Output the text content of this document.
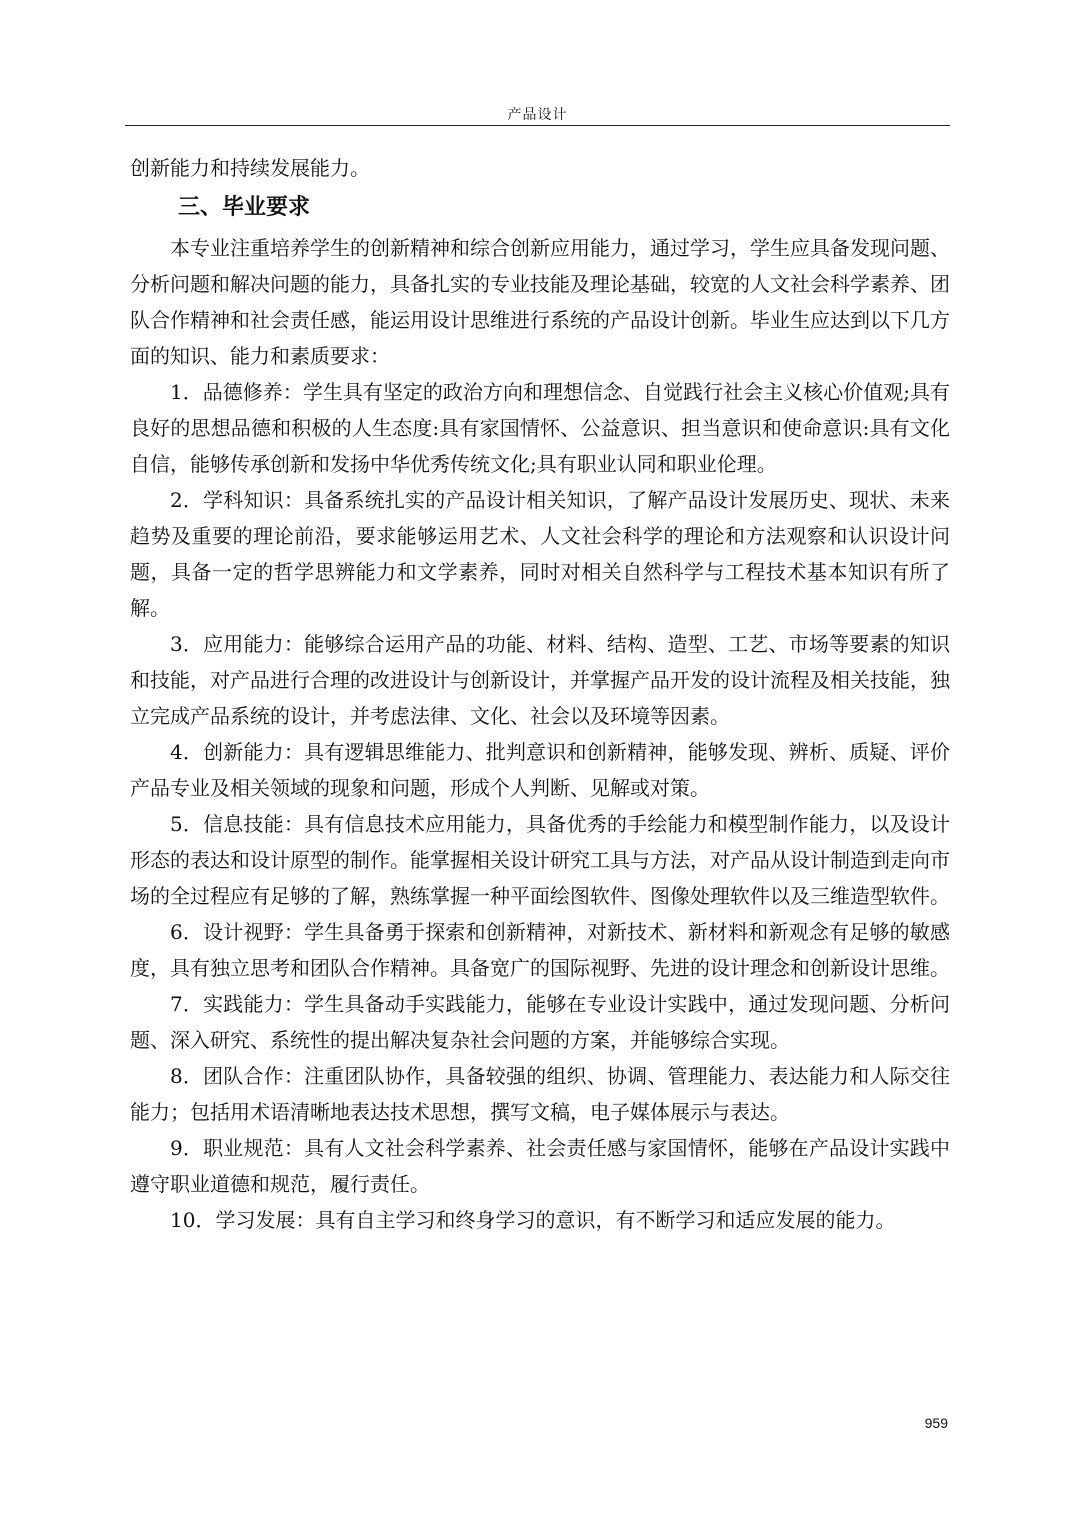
产品设计

创新能力和持续发展能力。

三、毕业要求

本专业注重培养学生的创新精神和综合创新应用能力，通过学习，学生应具备发现问题、分析问题和解决问题的能力，具备扎实的专业技能及理论基础，较宽的人文社会科学素养、团队合作精神和社会责任感，能运用设计思维进行系统的产品设计创新。毕业生应达到以下几方面的知识、能力和素质要求：

1．品德修养：学生具有坚定的政治方向和理想信念、自觉践行社会主义核心价值观;具有良好的思想品德和积极的人生态度:具有家国情怀、公益意识、担当意识和使命意识:具有文化自信，能够传承创新和发扬中华优秀传统文化;具有职业认同和职业伦理。

2．学科知识：具备系统扎实的产品设计相关知识，了解产品设计发展历史、现状、未来趋势及重要的理论前沿，要求能够运用艺术、人文社会科学的理论和方法观察和认识设计问题，具备一定的哲学思辨能力和文学素养，同时对相关自然科学与工程技术基本知识有所了解。

3．应用能力：能够综合运用产品的功能、材料、结构、造型、工艺、市场等要素的知识和技能，对产品进行合理的改进设计与创新设计，并掌握产品开发的设计流程及相关技能，独立完成产品系统的设计，并考虑法律、文化、社会以及环境等因素。

4．创新能力：具有逻辑思维能力、批判意识和创新精神，能够发现、辨析、质疑、评价产品专业及相关领域的现象和问题，形成个人判断、见解或对策。

5．信息技能：具有信息技术应用能力，具备优秀的手绘能力和模型制作能力，以及设计形态的表达和设计原型的制作。能掌握相关设计研究工具与方法，对产品从设计制造到走向市场的全过程应有足够的了解，熟练掌握一种平面绘图软件、图像处理软件以及三维造型软件。

6．设计视野：学生具备勇于探索和创新精神，对新技术、新材料和新观念有足够的敏感度，具有独立思考和团队合作精神。具备宽广的国际视野、先进的设计理念和创新设计思维。

7．实践能力：学生具备动手实践能力，能够在专业设计实践中，通过发现问题、分析问题、深入研究、系统性的提出解决复杂社会问题的方案，并能够综合实现。

8．团队合作：注重团队协作，具备较强的组织、协调、管理能力、表达能力和人际交往能力；包括用术语清晰地表达技术思想，撰写文稿，电子媒体展示与表达。

9．职业规范：具有人文社会科学素养、社会责任感与家国情怀，能够在产品设计实践中遵守职业道德和规范，履行责任。

10．学习发展：具有自主学习和终身学习的意识，有不断学习和适应发展的能力。

959
